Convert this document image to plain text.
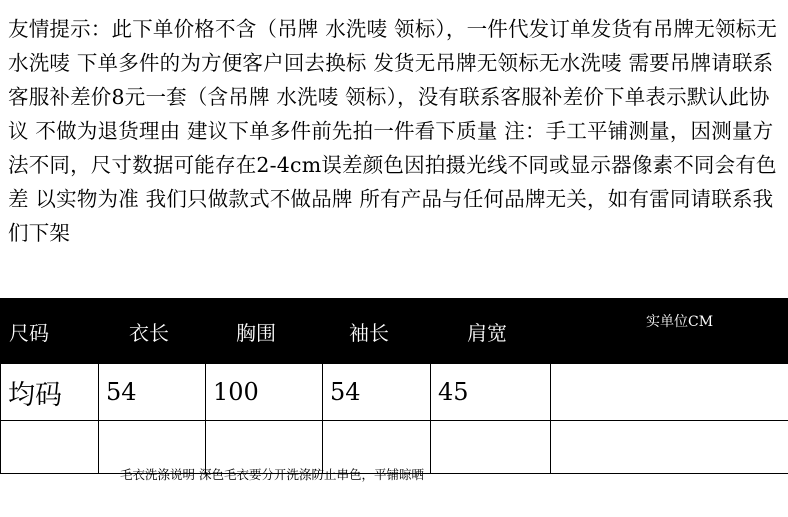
友情提示：此下单价格不含（吊牌 水洗唛 领标），一件代发订单发货有吊牌无领标无水洗唛 下单多件的为方便客户回去换标 发货无吊牌无领标无水洗唛 需要吊牌请联系客服补差价8元一套（含吊牌 水洗唛 领标），没有联系客服补差价下单表示默认此协议 不做为退货理由 建议下单多件前先拍一件看下质量 注：手工平铺测量，因测量方法不同，尺寸数据可能存在2-4cm误差颜色因拍摄光线不同或显示器像素不同会有色差 以实物为准 我们只做款式不做品牌 所有产品与任何品牌无关，如有雷同请联系我们下架

尺码	衣长	胸围	袖长	肩宽	实单位CM

均码	54	100	54	45	

毛衣洗涤说明 深色毛衣要分开洗涤防止串色，平铺晾晒
